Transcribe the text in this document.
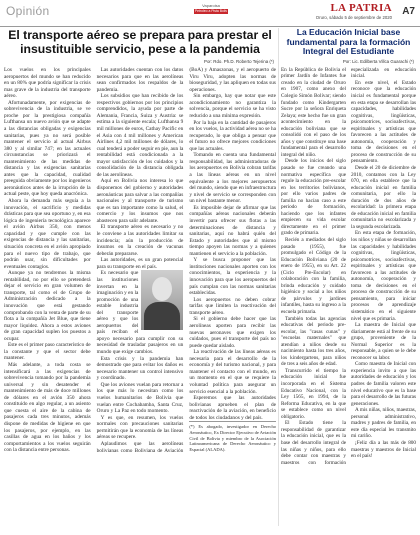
Opinión	Vaparoisa
Petroleo a Pista Boliv	LA PATRIA
Oruro, sábado 5 de septiembre de 2020
A7
El transporte aéreo se prepara para prestar el insustituible servicio, pese a la pandemia
Por: Rdo. Ph.D. Roberto Tejerina (*)

Los vuelos en los principales aeropuertos del mundo se han reducido en un 80% que podría significar la crisis mas grave de la industria del transporte aéreo.

Afortunadamente, por exigencias de sobrevivencia de la industria, se ve proche por la prestigiosa compañía Lufthansa un nuevo avión que se adapte a las distancias obligadas y exigencias sanitarias, pues ya no será posible mantener el servicio al actual Airbus 380 y al similar 747; en las actuales circunstancias se priorizará el mantenimiento de las medidas de distancia y las exigencias sanitarias antes que la capacidad, cualidad preeguida obviamente por los ingenieros aeronáuticos antes de la irrupción de la actual peste, que hoy queda anacrónica.

Ahora la demanda más seguía a la innovación, el sacrificio y medidas drásticas para que sea oportuno y, en esa lógica de ingeniería tecnológica aparece el avión Airbus 350, con menos capacidad y que cumple con las exigencias de distancia y las sanitarias, situación concreta en el avión apropiado para el nuevo tipo de trabajo, que podrán usar, sin dificultades por eventuales contagios.

Aunque ya no tendremos la misma rentabilidad, no por ello se pretenderá dejar el servicio en gran volumen de transporte, tal como el de Grupo de Administración dedicado a la innovación que está gestando comprobando con la venta de parte de su flota a la compañía Jet Blue, que tiene mayor liquidez. Ahora a estos aviones de gran capacidad suplen los puestos a ocupar.

Este es el primer paso característico de la constante y que el sector debe mantener.

Más adelante, a toda costa se intensificará a las exigencias de sobrevivencia tomando por la pandemia universal y sin desatender el mantenimiento de más de doce millones de dólares en el avión 350 ahora constituido en algo regular, a un asiento que cuesta el aire de la cabina de pasajeros cada tres minutos, además dispone de medidas de higiene en que los pasajeros, por ejemplo, en las casillas de agua en los baños y los comportamientos a los vuelos seguirán con la distancia entre personas.

Las autoridades cuentan con los datos necesarios para que en las aerolíneas sean confirmados los respaldos de la pandemia.

Los subsidios que han recibido de los respectivos gobiernos por los principios comprendidos, la ayuda por parte de Alemania, Francia, Suiza y Austria: se estima a la siguiente escala; Lufthansa 9 mil millones de euros, Cathay Pacific en el Asia con 4 mil millones y American Airlines 4,2 mil millones de dólares, lo cual tenderá a poder seguir en pie, aun la rentabilidad está condicionada a la mayor satisfacción de los cuidados y la consolidación de la distancia obligada de las aerolíneas.

Aquí en Bolivia nos interesa lo que disponemos del gobierno y autoridades aeronáuticas para salvar a las compañías nacionales y al transporte de turismo que es tan importante como la salud, el comercio y los insumos que nos abastecen para salir adelante.

El transporte aéreo es necesario y no le conviene a las autoridades limitar su incidencia; aún la producción de insumos en la creación de vacunas deberán prepararse.

Las autoridades, es un gran potencial para su transporte en el país.

Es necesario que las instituciones invertan en la imaginación y en la promoción de una estable industria del transporte aéreo y que los aeropuertos del país reciban el apoyo necesario para cumplir con su necesidad de trasladar pasajeros en un mundo que exige cambios.

Esta crisis y la pandemia han demostrado que para evitar los daños es necesario mantener un control intensivo y coordinado.

Que los aviones vuelan para retornar a los que más lo necesitan como los vuelos humanitarios de Bolivia que vuelan entre Cochabamba, Santa Cruz, Oruro y La Paz en todo momento.

Y es que, en resumen, los vuelos normales con precauciones sanitarias permitirán que la economía de las líneas aéreas se recupere.

Aplaudimos que las aerolíneas bolivianas como Boliviana de Aviación (BoA) y Amaszonas, y el aeropuerto de Viru Viru, adopten las normas de bioseguridad, y las apliquen en todas sus operaciones.

Sin embargo, hay que notar que este acondicionamiento no garantiza la solvencia, porque el servicio se ha visto reducido a una mínima expresión.

Por la baja en la cantidad de pasajeros en los vuelos, la actividad aérea no se ha recuperado, lo que obliga a pensar que el futuro no ofrece mejores condiciones que las actuales.

Tomando en cuenta una fundamental responsabilidad, las administradoras de los aeropuertos en Bolivia cobran tarifas a las líneas aéreas en un nivel equivalente a los mejores aeropuertos del mundo, siendo que en infraestructura y nivel de servicio se corresponden con un nivel bastante menor.

Es imposible dejar de afirmar que las compañías aéreas nacionales deberán invertir para ofrecer sus flotas a las determinaciones de distancia y sanitarias, aquí no habrá quién del Estado y autoridades que al mismo tiempo apoyen las normas y a quienes mantienen el servicio a la población.

Y se busca proponer que las instituciones nacionales aporten con los conocimientos, la experiencia y la innovación para que los aeropuertos del país cumplan con las normas sanitarias establecidas.

Los aeropuertos no deben cobrar tarifas que limiten la reactivación del transporte aéreo.

Si el gobierno debe hacer que las aerolíneas aporten para recibir las nuevas aeronaves que exigen los cuidados, pues el transporte del país no puede quedar aislado.

La reactivación de las líneas aéreas es necesaria para el desarrollo de la economía y del turismo nacional, y para mantener el contacto con el mundo, en un momento en el que se requiere la voluntad política para asegurar un servicio esencial a la población.

Esperemos que las autoridades bolivianas aprueben el plan de reactivación de la aviación, en beneficio de todos los ciudadanos y del país.

(*) Es abogado, investigador en Derecho Aeronáutico, Ex Director Ejecutivo de Aviación Civil de Bolivia y miembro de la Asociación Latinoamericana de Derecho Aeronáutico y Espacial (ALADA).

La Educación Inicial base fundamental para la formación Integral del Estudiante
Por: Lic. Edilberta Villca Guarachi (*)

En la República de Bolivia el primer Jardín de Infantes fue creado en la ciudad de Oruro en 1907, como anexo del Colegio Simón Bolívar; siendo fundado como Kindergarten Sucre por la señora Enriqueta Zelaya; este hecho fue un gran acontecimiento en la educación boliviana que se consolidó con el paso de los años y que constituye una base fundamental para el desarrollo integral del niño.

Desde los inicios del siglo pasado se fue creando una normativa específica que regule la educación pre-escolar en los territorios bolivianos, por ello varios padres de familia no hacían caso a este periodo de formación, haciendo que los infantes empiecen su vida escolar directamente en el primer grado de primaria.

Recién a mediados del siglo pasado (1955), fue promulgado el Código de la Educación Boliviana (20 de enero de 1955), en su Art. 22 (Ciclo Pre-Escolar) en colaboración con la familia, brinda educación y cuidado higiénico y social a los niños de párvulos y jardines infantiles, hasta su ingreso a la escuela primaria.

También todas las agencias educativas del periodo pre-escolar, las "casas cunas" y "escuelas maternales" que atendían a niños desde su nacimiento hasta los tres años, los kindergartens, para niños de tres a seis años de edad.

Transcurrido el tiempo la educación inicial fue incorporada en el Sistema Educativo Nacional, con la Ley 1565, en 1994, de la Reforma Educativa, en la que se establece como un nivel obligatorio.

El Estado tiene la responsabilidad de garantizar la educación inicial, que es la base del desarrollo integral de las niñas y niños, para ello debe contar con maestras y maestros con formación especializada en educación inicial.

En este nivel, el Estado reconoce que la educación inicial es fundamental porque en esta etapa se desarrollan las capacidades, habilidades cognitivas, lingüísticas, psicomotrices, socioafectivas, espirituales y artísticas que favorecen a las actitudes de autonomía, cooperación y toma de decisiones en el proceso de construcción de su pensamiento.

Desde el 20 de diciembre de 2010, contamos con la Ley 070, en ella establece que la educación inicial en familia comunitaria, por ello la duración de dos años de escolaridad: la primera etapa de educación inicial en familia comunitaria no escolarizada y la segunda escolarizada.

En esta etapa de formación, los niños y niñas se desarrollan las capacidades y habilidades cognitivas, lingüísticas, psicomotrices, socioafectivas, espirituales y artísticas que favorecen a las actitudes de autonomía, cooperación y toma de decisiones en el proceso de construcción de su pensamiento, para iniciar procesos de aprendizaje sistemático en el siguiente nivel que es primaria.

La maestra de Inicial que diariamente está al frente de su grupo, proveniente de la Normal Superior es la responsable, a quien se le debe reconocer su labor.

Como maestra de Inicial con experiencia invito a que las autoridades de educación y los padres de familia valoren este nivel educativo que es la base para el desarrollo de las futuras generaciones.

A mis niñas, niños, maestras, personal administrativo, madres y padres de familia, en este día especial les transmito mi cariño.

¡Feliz día a las más de 800 maestras y maestros de Inicial en el país!
